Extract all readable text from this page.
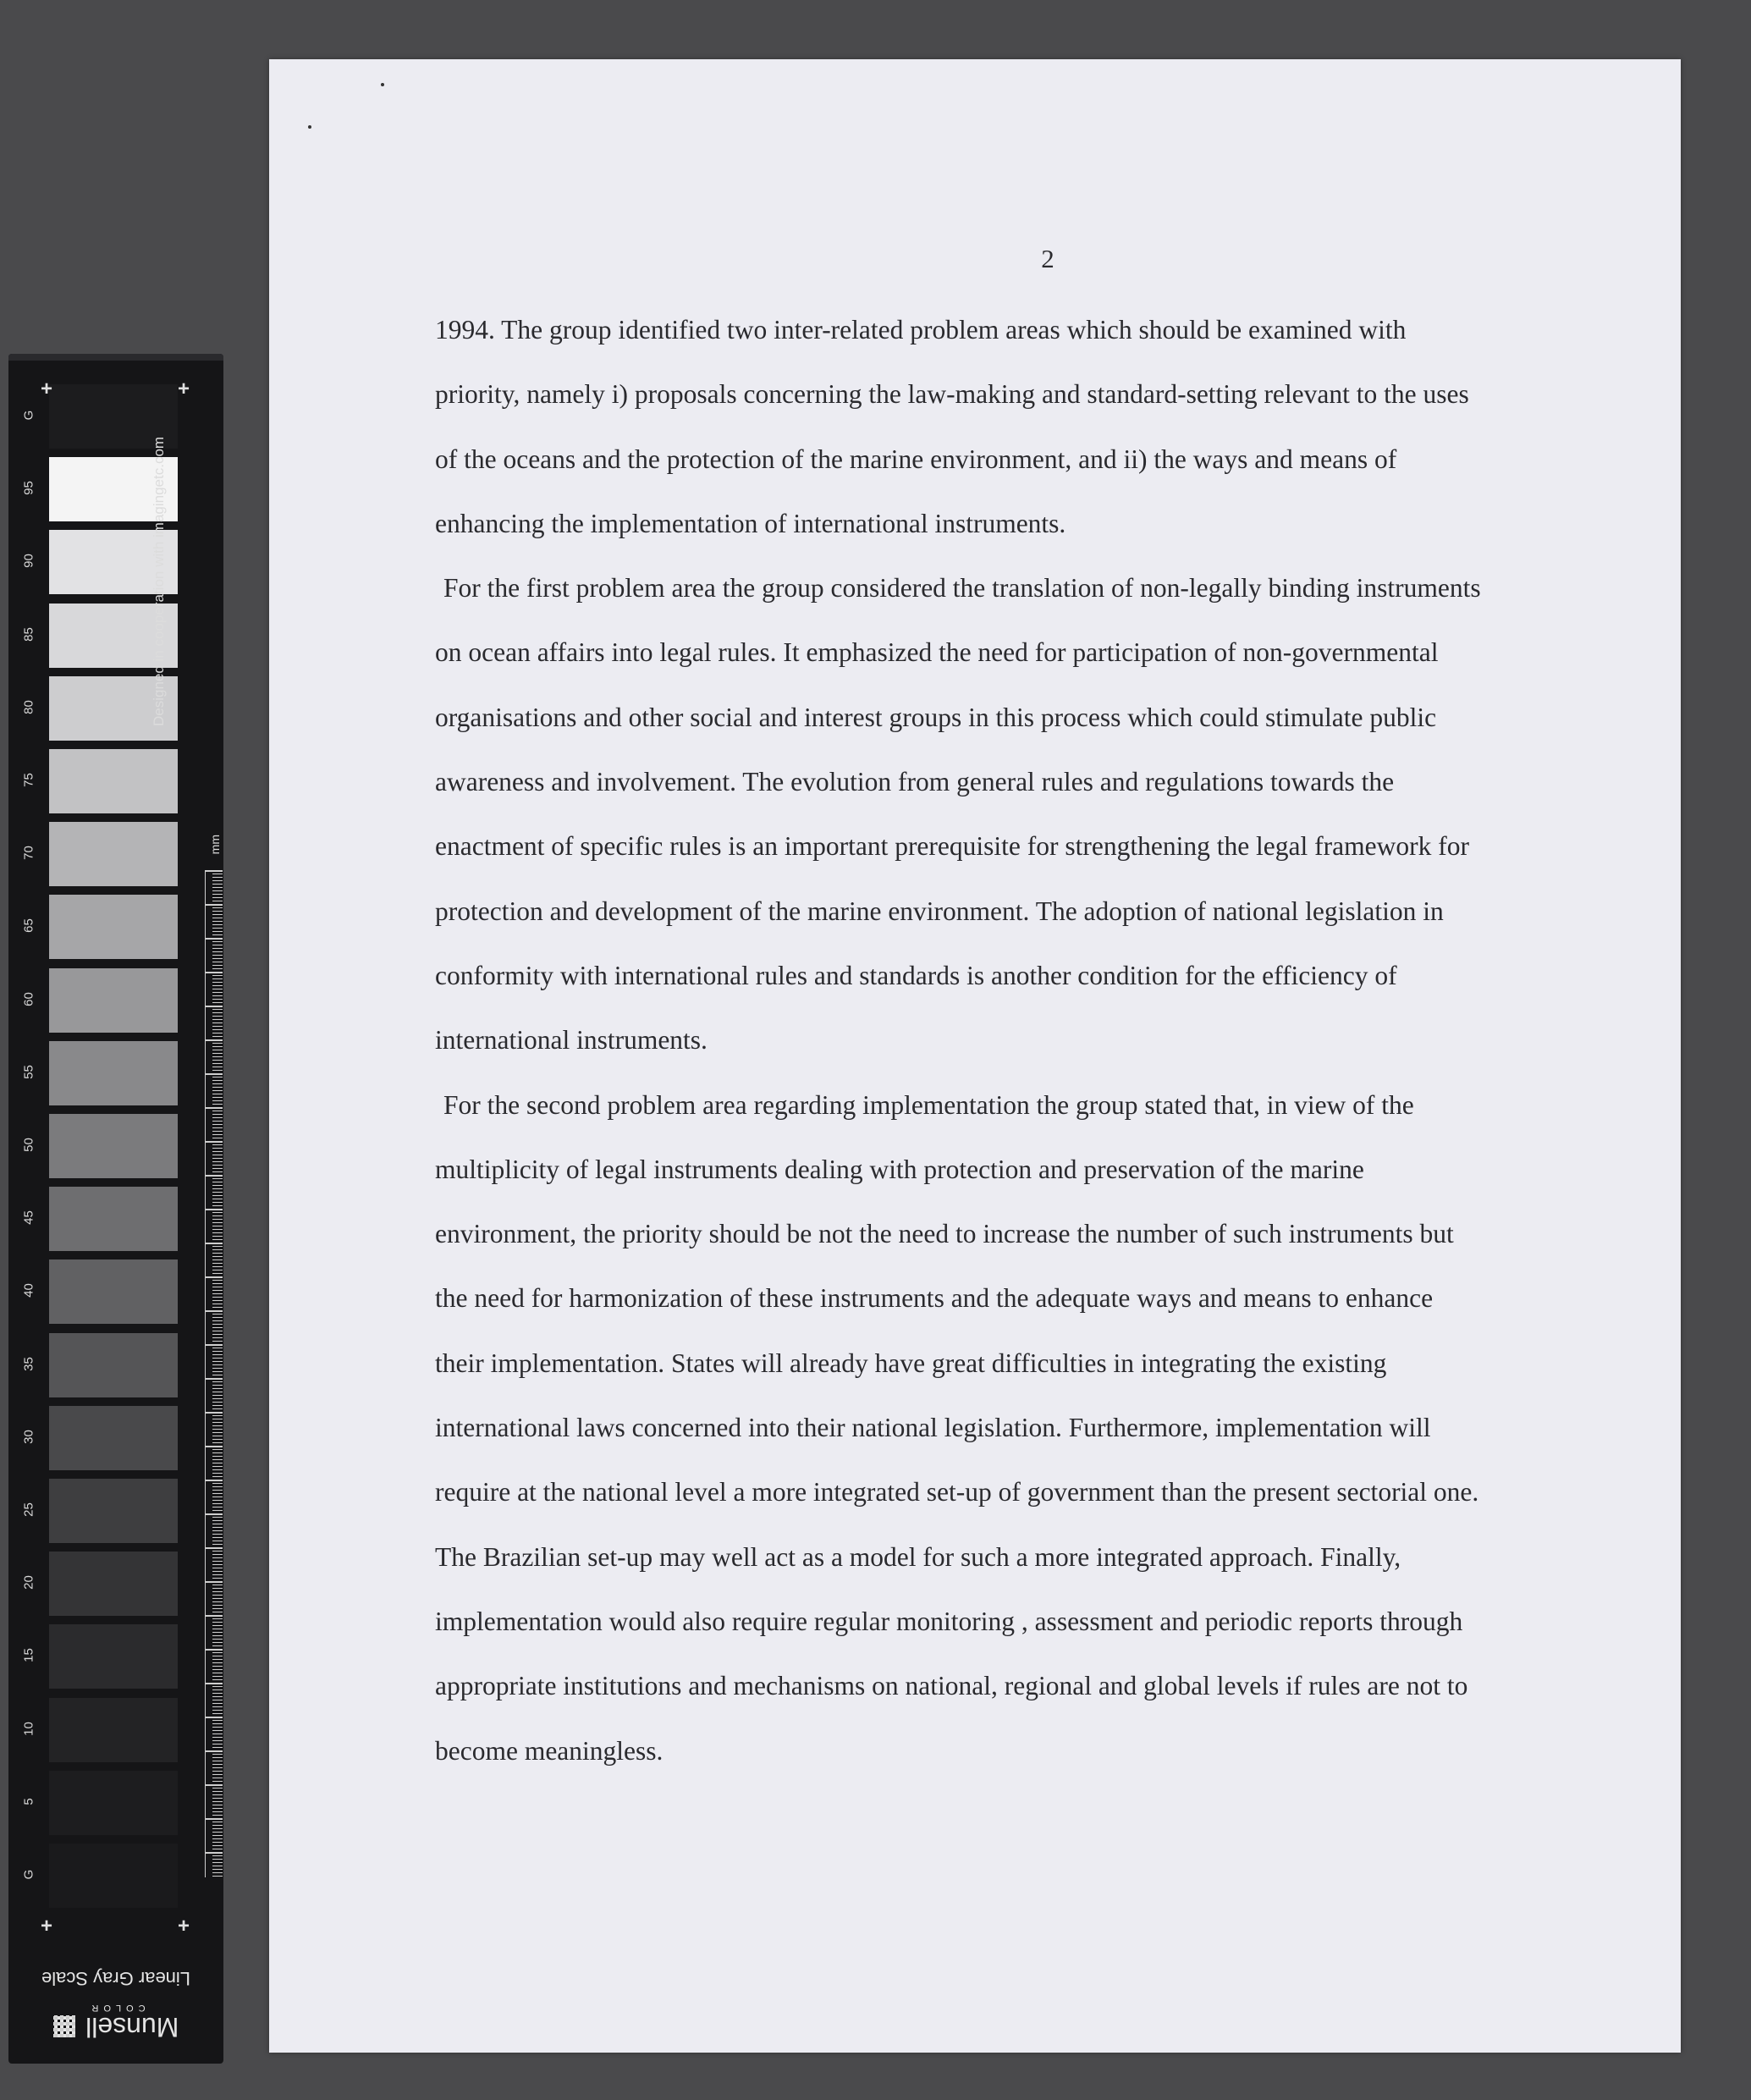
G
95
90
85
80
75
70
65
60
55
50
45
40
35
30
25
20
15
10
5
G
+	+
+	+
Designed in cooperation with imagingetc.com
mm
Linear Gray Scale
Munsell
COLOR
2
1994. The group identified two inter-related problem areas which should be examined with
priority, namely i) proposals concerning the law-making and standard-setting relevant to the uses
of the oceans and the protection of the marine environment, and ii) the ways and means of
enhancing the implementation of international instruments.
For the first problem area the group considered the translation of non-legally binding instruments
on ocean affairs into legal rules. It emphasized the need for participation of non-governmental
organisations and other social and interest groups in this process which could stimulate public
awareness and involvement. The evolution from general rules and regulations towards the
enactment of specific rules is an important prerequisite for strengthening the legal framework for
protection and development of the marine environment. The adoption of national legislation in
conformity with international rules and standards is another condition for the efficiency of
international instruments.
For the second problem area regarding implementation the group stated that, in view of the
multiplicity of legal instruments dealing with protection and preservation of the marine
environment, the priority should be not the need to increase the number of such instruments but
the need for harmonization of these instruments and the adequate ways and means to enhance
their implementation. States will already have great difficulties in integrating the existing
international laws concerned into their national legislation. Furthermore, implementation will
require at the national level a more integrated set-up of government than the present sectorial one.
The Brazilian set-up may well act as a model for such a more integrated approach. Finally,
implementation would also require regular monitoring , assessment and periodic reports through
appropriate institutions and mechanisms on national, regional and global levels if rules are not to
become meaningless.
